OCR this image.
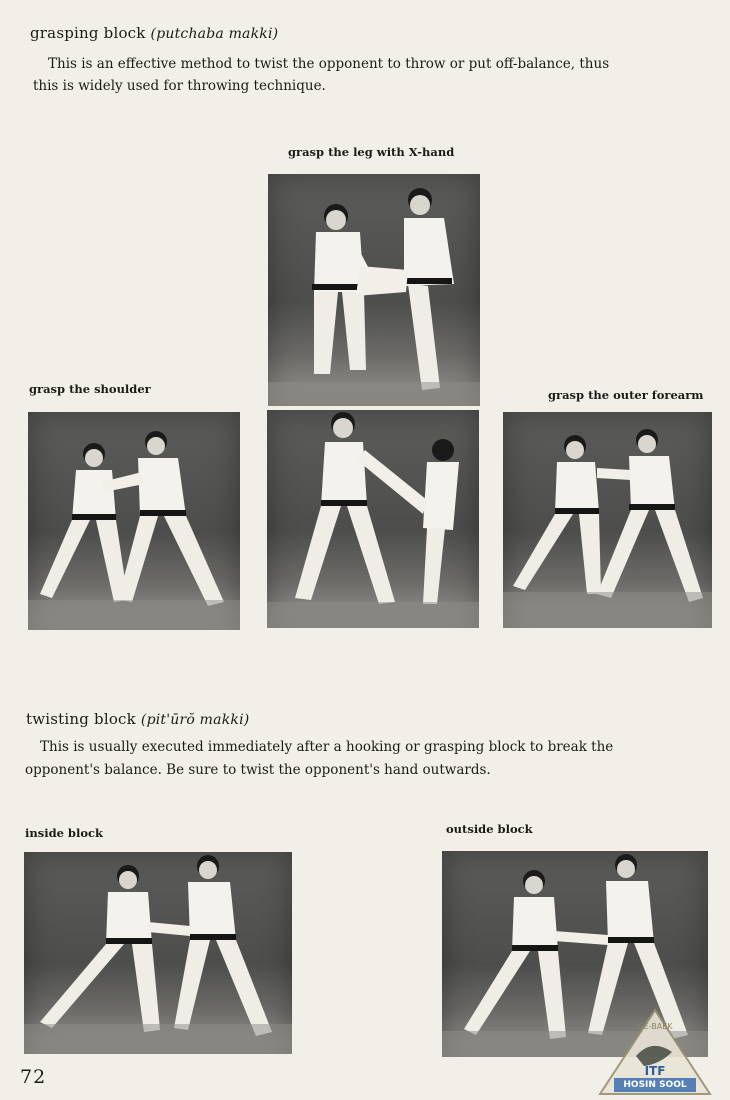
grasping block (putchaba makki)
This is an effective method to twist the opponent to throw or put off-balance, thus
this is widely used for throwing technique.
grasp the leg with X-hand
grasp the shoulder	grasp the outer forearm
twisting block (pit'ūrŏ makki)
This is usually executed immediately after a hooking or grasping block to break the
opponent's balance. Be sure to twist the opponent's hand outwards.
inside block	outside block
72
GE-BAEK
ITF
HOSIN SOOL
